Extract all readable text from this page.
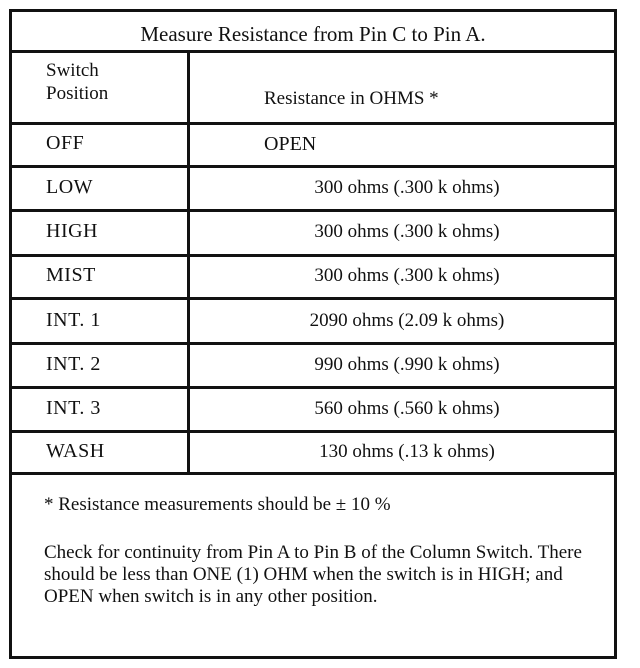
Measure Resistance from Pin C to Pin A.
Switch
Position	Resistance in OHMS *
OFF	OPEN
LOW	300 ohms (.300 k ohms)
HIGH	300 ohms (.300 k ohms)
MIST	300 ohms (.300 k ohms)
INT. 1	2090 ohms (2.09 k ohms)
INT. 2	990 ohms (.990 k ohms)
INT. 3	560 ohms (.560 k ohms)
WASH	130 ohms (.13 k ohms)
* Resistance measurements should be ± 10 %
Check for continuity from Pin A to Pin B of the Column Switch. There should be less than ONE (1) OHM when the switch is in HIGH; and OPEN when switch is in any other position.
